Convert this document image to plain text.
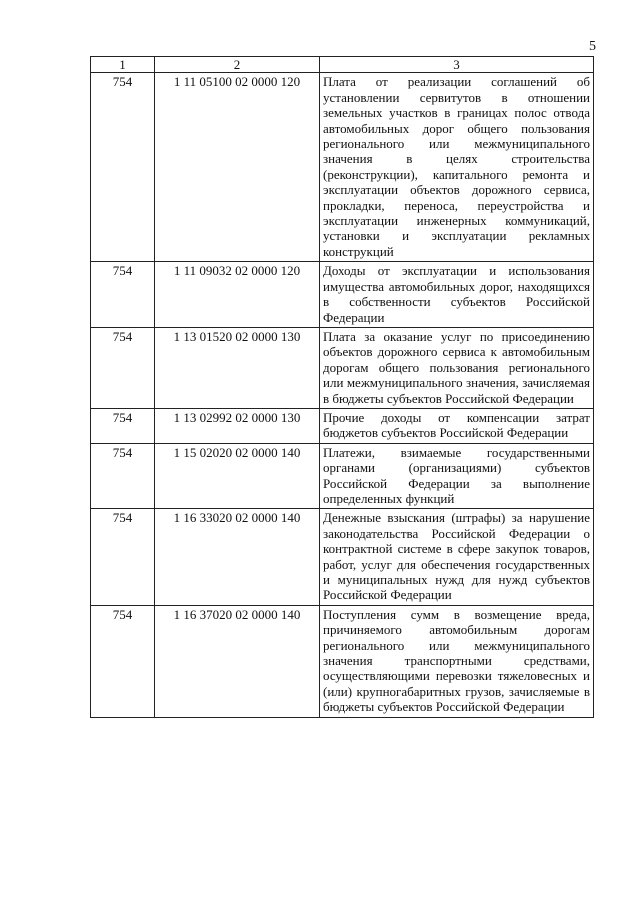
5
1	2	3
754	1 11 05100 02 0000 120	Плата от реализации соглашений об установлении сервитутов в отношении земельных участков в границах полос отвода автомобильных дорог общего пользования регионального или межмуниципального значения в целях строительства (реконструкции), капитального ремонта и эксплуатации объектов дорожного сервиса, прокладки, переноса, переустройства и эксплуатации инженерных коммуникаций, установки и эксплуатации рекламных конструкций
754	1 11 09032 02 0000 120	Доходы от эксплуатации и использования имущества автомобильных дорог, находящихся в собственности субъектов Российской Федерации
754	1 13 01520 02 0000 130	Плата за оказание услуг по присоединению объектов дорожного сервиса к автомобильным дорогам общего пользования регионального или межмуниципального значения, зачисляемая в бюджеты субъектов Российской Федерации
754	1 13 02992 02 0000 130	Прочие доходы от компенсации затрат бюджетов субъектов Российской Федерации
754	1 15 02020 02 0000 140	Платежи, взимаемые государственными органами (организациями) субъектов Российской Федерации за выполнение определенных функций
754	1 16 33020 02 0000 140	Денежные взыскания (штрафы) за нарушение законодательства Российской Федерации о контрактной системе в сфере закупок товаров, работ, услуг для обеспечения государственных и муниципальных нужд для нужд субъектов Российской Федерации
754	1 16 37020 02 0000 140	Поступления сумм в возмещение вреда, причиняемого автомобильным дорогам регионального или межмуниципального значения транспортными средствами, осуществляющими перевозки тяжеловесных и (или) крупногабаритных грузов, зачисляемые в бюджеты субъектов Российской Федерации
